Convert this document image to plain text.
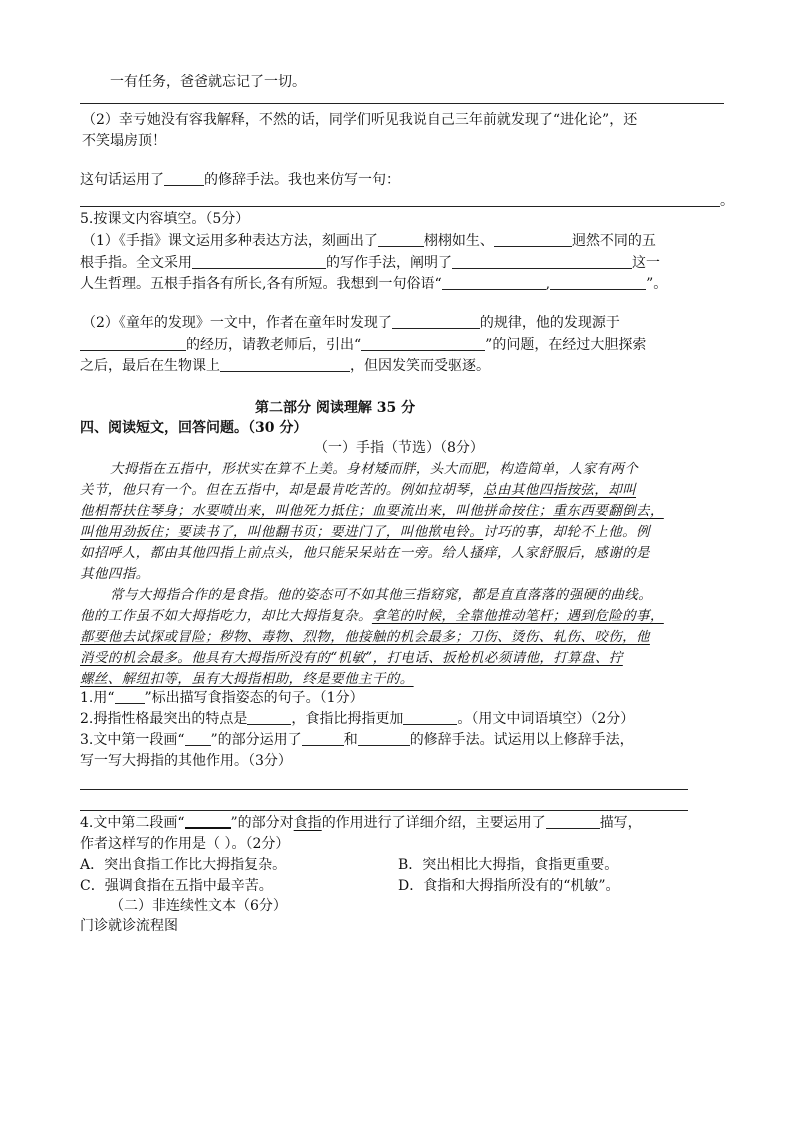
一有任务，爸爸就忘记了一切。
（2）幸亏她没有容我解释，不然的话，同学们听见我说自己三年前就发现了“进化论”，还
不笑塌房顶！
这句话运用了	的修辞手法。我也来仿写一句：
。
5.按课文内容填空。（5分）
（1）《手指》课文运用多种表达方法，刻画出了	栩栩如生、	迥然不同的五
根手指。全文采用	的写作手法，阐明了	这一
人生哲理。五根手指各有所长,各有所短。我想到一句俗语“	,	”。
（2）《童年的发现》一文中，作者在童年时发现了	的规律，他的发现源于
的经历，请教老师后，引出“	”的问题，在经过大胆探索
之后，最后在生物课上	，但因发笑而受驱逐。
第二部分 阅读理解 35 分
四、阅读短文，回答问题。（30 分）
（一）手指（节选）（8分）
大拇指在五指中，形状实在算不上美。身材矮而胖，头大而肥，构造简单，人家有两个
关节，他只有一个。但在五指中，却是最肯吃苦的。例如拉胡琴，总由其他四指按弦，却叫
他相帮扶住琴身；水要喷出来，叫他死力抵住；血要流出来，叫他拼命按住；重东西要翻倒去，
叫他用劲扳住；要读书了，叫他翻书页；要进门了，叫他揿电铃。讨巧的事，却轮不上他。例
如招呼人，都由其他四指上前点头，他只能呆呆站在一旁。给人搔痒，人家舒服后，感谢的是
其他四指。
常与大拇指合作的是食指。他的姿态可不如其他三指窈窕，都是直直落落的强硬的曲线。
他的工作虽不如大拇指吃力，却比大拇指复杂。拿笔的时候，全靠他推动笔杆；遇到危险的事，
都要他去试探或冒险；秽物、毒物、烈物，他接触的机会最多；刀伤、烫伤、轧伤、咬伤，他
消受的机会最多。他具有大拇指所没有的“机敏”，打电话、扳枪机必须请他，打算盘、拧
螺丝、解纽扣等，虽有大拇指相助，终是要他主干的。
1.用“ ”标出描写食指姿态的句子。（1分）
2.拇指性格最突出的特点是	，食指比拇指更加	。（用文中词语填空）（2分）
3.文中第一段画“ ”的部分运用了	和	的修辞手法。试运用以上修辞手法，
写一写大拇指的其他作用。（3分）
4.文中第二段画“	”的部分对食指的作用进行了详细介绍，主要运用了	描写，
作者这样写的作用是（ ）。（2分）
A．突出食指工作比大拇指复杂。	B．突出相比大拇指，食指更重要。
C．强调食指在五指中最辛苦。	D．食指和大拇指所没有的“机敏”。
（二）非连续性文本（6分）
门诊就诊流程图
